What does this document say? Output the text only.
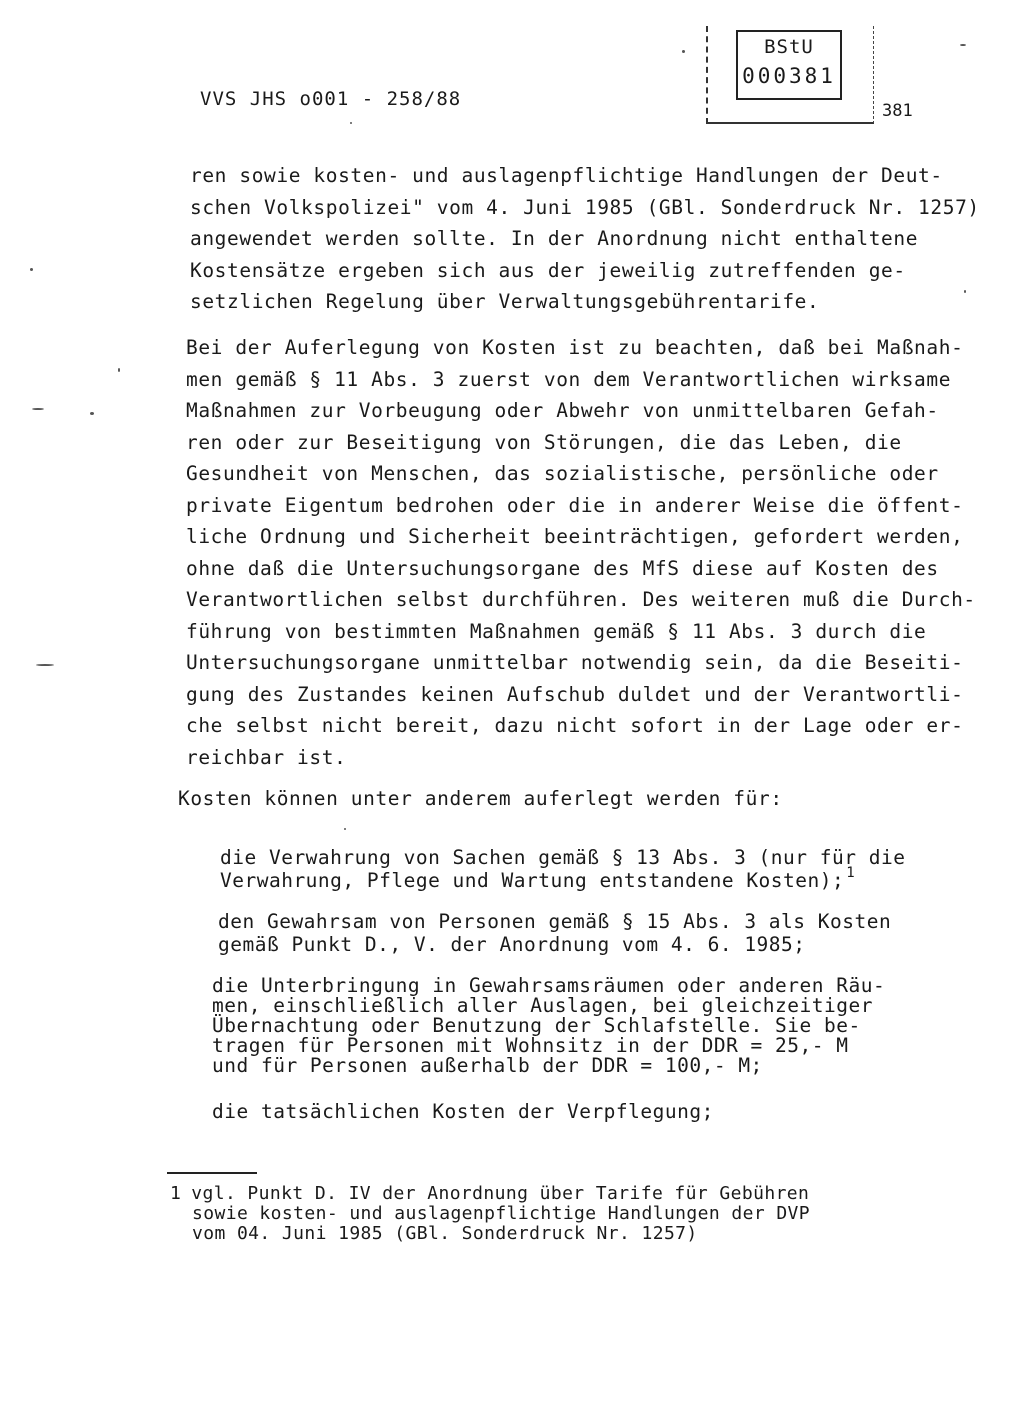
VVS JHS o001 - 258/88
BStU
000381
381

ren sowie kosten- und auslagenpflichtige Handlungen der Deut-
schen Volkspolizei" vom 4. Juni 1985 (GBl. Sonderdruck Nr. 1257)
angewendet werden sollte. In der Anordnung nicht enthaltene
Kostensätze ergeben sich aus der jeweilig zutreffenden ge-
setzlichen Regelung über Verwaltungsgebührentarife.

Bei der Auferlegung von Kosten ist zu beachten, daß bei Maßnah-
men gemäß § 11 Abs. 3 zuerst von dem Verantwortlichen wirksame
Maßnahmen zur Vorbeugung oder Abwehr von unmittelbaren Gefah-
ren oder zur Beseitigung von Störungen, die das Leben, die
Gesundheit von Menschen, das sozialistische, persönliche oder
private Eigentum bedrohen oder die in anderer Weise die öffent-
liche Ordnung und Sicherheit beeinträchtigen, gefordert werden,
ohne daß die Untersuchungsorgane des MfS diese auf Kosten des
Verantwortlichen selbst durchführen. Des weiteren muß die Durch-
führung von bestimmten Maßnahmen gemäß § 11 Abs. 3 durch die
Untersuchungsorgane unmittelbar notwendig sein, da die Beseiti-
gung des Zustandes keinen Aufschub duldet und der Verantwortli-
che selbst nicht bereit, dazu nicht sofort in der Lage oder er-
reichbar ist.

Kosten können unter anderem auferlegt werden für:

die Verwahrung von Sachen gemäß § 13 Abs. 3 (nur für die
Verwahrung, Pflege und Wartung entstandene Kosten); $^1$

den Gewahrsam von Personen gemäß § 15 Abs. 3 als Kosten
gemäß Punkt D., V. der Anordnung vom 4. 6. 1985;

die Unterbringung in Gewahrsamsräumen oder anderen Räu-
men, einschließlich aller Auslagen, bei gleichzeitiger
Übernachtung oder Benutzung der Schlafstelle. Sie be-
tragen für Personen mit Wohnsitz in der DDR = 25,- M
und für Personen außerhalb der DDR = 100,- M;

die tatsächlichen Kosten der Verpflegung;

1 vgl. Punkt D. IV der Anordnung über Tarife für Gebühren
sowie kosten- und auslagenpflichtige Handlungen der DVP
vom 04. Juni 1985 (GBl. Sonderdruck Nr. 1257)
